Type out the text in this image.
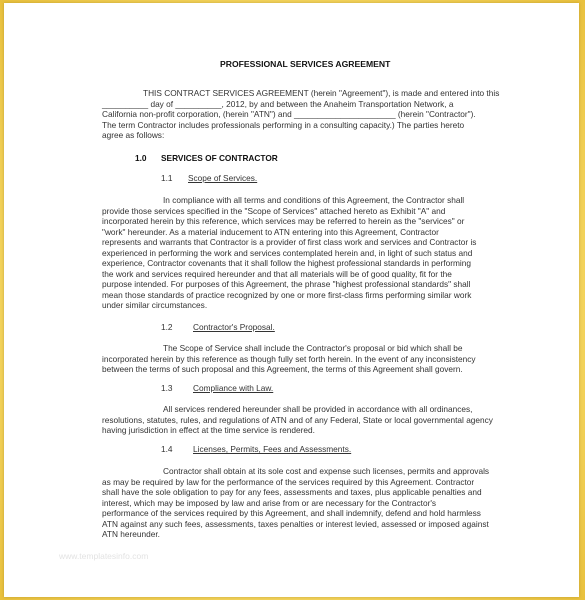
PROFESSIONAL SERVICES AGREEMENT
THIS CONTRACT SERVICES AGREEMENT (herein "Agreement"), is made and entered into this
__________ day of __________, 2012, by and between the Anaheim Transportation Network, a
California non-profit corporation, (herein "ATN") and ______________________ (herein "Contractor").
The term Contractor includes professionals performing in a consulting capacity.) The parties hereto
agree as follows:
1.0 SERVICES OF CONTRACTOR
1.1 Scope of Services.
In compliance with all terms and conditions of this Agreement, the Contractor shall
provide those services specified in the "Scope of Services" attached hereto as Exhibit "A" and
incorporated herein by this reference, which services may be referred to herein as the "services" or
"work" hereunder. As a material inducement to ATN entering into this Agreement, Contractor
represents and warrants that Contractor is a provider of first class work and services and Contractor is
experienced in performing the work and services contemplated herein and, in light of such status and
experience, Contractor covenants that it shall follow the highest professional standards in performing
the work and services required hereunder and that all materials will be of good quality, fit for the
purpose intended. For purposes of this Agreement, the phrase "highest professional standards" shall
mean those standards of practice recognized by one or more first-class firms performing similar work
under similar circumstances.
1.2 Contractor's Proposal.
The Scope of Service shall include the Contractor's proposal or bid which shall be
incorporated herein by this reference as though fully set forth herein. In the event of any inconsistency
between the terms of such proposal and this Agreement, the terms of this Agreement shall govern.
1.3 Compliance with Law.
All services rendered hereunder shall be provided in accordance with all ordinances,
resolutions, statutes, rules, and regulations of ATN and of any Federal, State or local governmental agency
having jurisdiction in effect at the time service is rendered.
1.4 Licenses, Permits, Fees and Assessments.
Contractor shall obtain at its sole cost and expense such licenses, permits and approvals
as may be required by law for the performance of the services required by this Agreement. Contractor
shall have the sole obligation to pay for any fees, assessments and taxes, plus applicable penalties and
interest, which may be imposed by law and arise from or are necessary for the Contractor's
performance of the services required by this Agreement, and shall indemnify, defend and hold harmless
ATN against any such fees, assessments, taxes penalties or interest levied, assessed or imposed against
ATN hereunder.
www.templatesinfo.com
